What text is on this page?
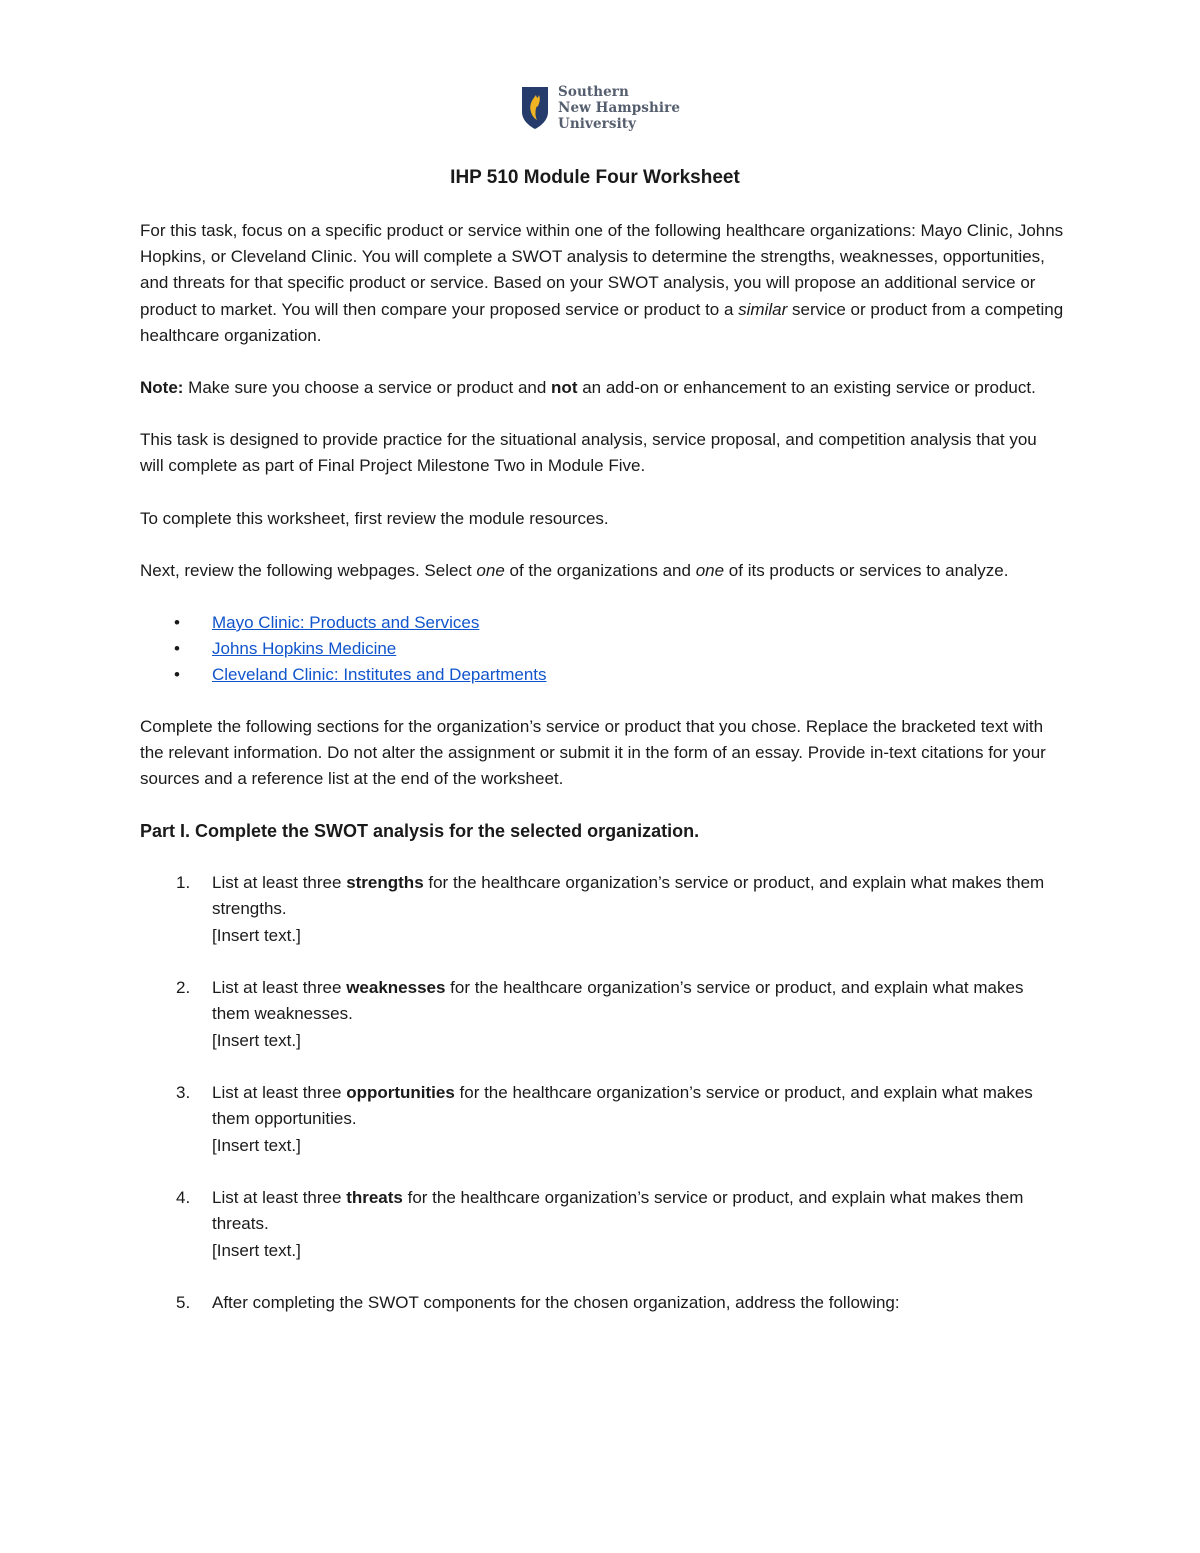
Southern
New Hampshire
University
IHP 510 Module Four Worksheet

For this task, focus on a specific product or service within one of the following healthcare organizations: Mayo Clinic, Johns Hopkins, or Cleveland Clinic. You will complete a SWOT analysis to determine the strengths, weaknesses, opportunities, and threats for that specific product or service. Based on your SWOT analysis, you will propose an additional service or product to market. You will then compare your proposed service or product to a similar service or product from a competing healthcare organization.

Note: Make sure you choose a service or product and not an add-on or enhancement to an existing service or product.

This task is designed to provide practice for the situational analysis, service proposal, and competition analysis that you will complete as part of Final Project Milestone Two in Module Five.

To complete this worksheet, first review the module resources.

Next, review the following webpages. Select one of the organizations and one of its products or services to analyze.

• Mayo Clinic: Products and Services
• Johns Hopkins Medicine
• Cleveland Clinic: Institutes and Departments

Complete the following sections for the organization’s service or product that you chose. Replace the bracketed text with the relevant information. Do not alter the assignment or submit it in the form of an essay. Provide in-text citations for your sources and a reference list at the end of the worksheet.

Part I. Complete the SWOT analysis for the selected organization.
1. List at least three strengths for the healthcare organization’s service or product, and explain what makes them strengths.
[Insert text.]
2. List at least three weaknesses for the healthcare organization’s service or product, and explain what makes them weaknesses.
[Insert text.]
3. List at least three opportunities for the healthcare organization’s service or product, and explain what makes them opportunities.
[Insert text.]
4. List at least three threats for the healthcare organization’s service or product, and explain what makes them threats.
[Insert text.]
5. After completing the SWOT components for the chosen organization, address the following:
